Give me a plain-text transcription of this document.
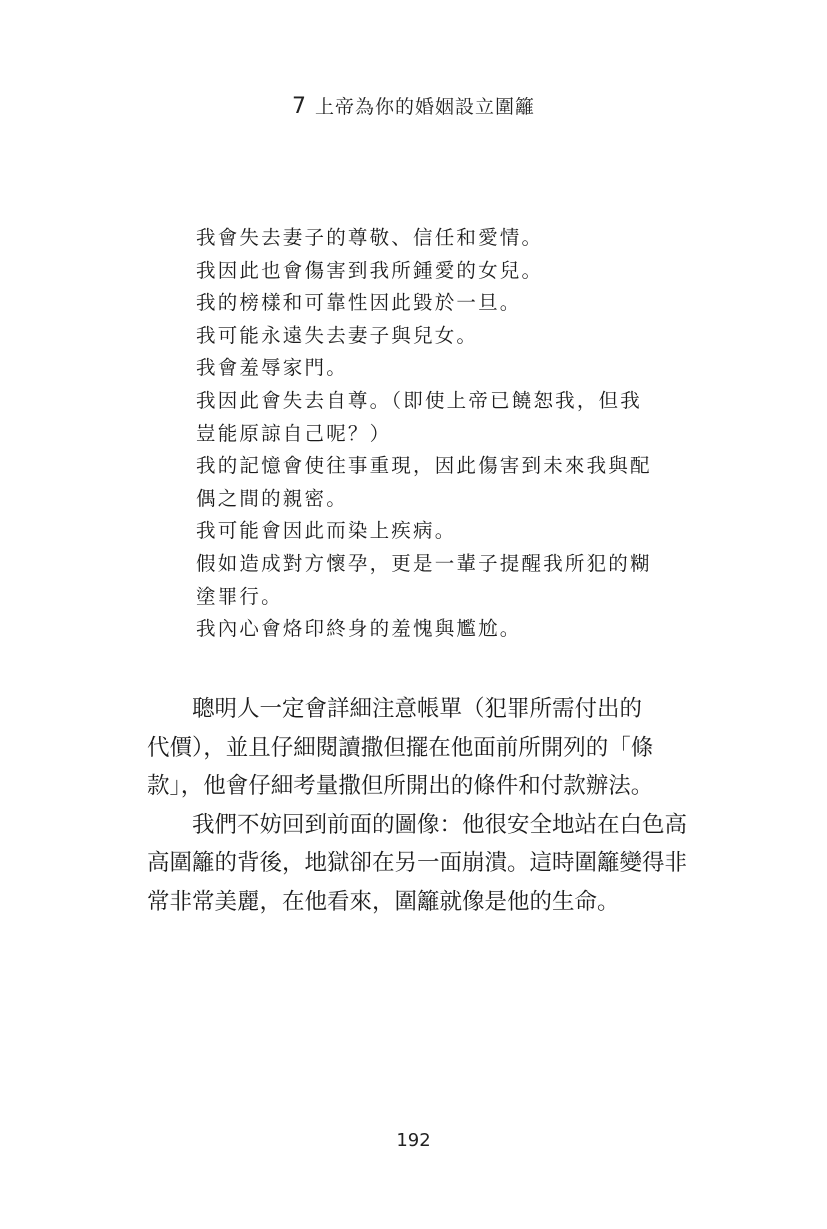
7 上帝為你的婚姻設立圍籬
我會失去妻子的尊敬、信任和愛情。
我因此也會傷害到我所鍾愛的女兒。
我的榜樣和可靠性因此毀於一旦。
我可能永遠失去妻子與兒女。
我會羞辱家門。
我因此會失去自尊。（即使上帝已饒恕我，但我
豈能原諒自己呢？）
我的記憶會使往事重現，因此傷害到未來我與配
偶之間的親密。
我可能會因此而染上疾病。
假如造成對方懷孕，更是一輩子提醒我所犯的糊
塗罪行。
我內心會烙印終身的羞愧與尷尬。
聰明人一定會詳細注意帳單（犯罪所需付出的
代價），並且仔細閱讀撒但擺在他面前所開列的「條
款」，他會仔細考量撒但所開出的條件和付款辦法。
我們不妨回到前面的圖像：他很安全地站在白色高
高圍籬的背後，地獄卻在另一面崩潰。這時圍籬變得非
常非常美麗，在他看來，圍籬就像是他的生命。
192
